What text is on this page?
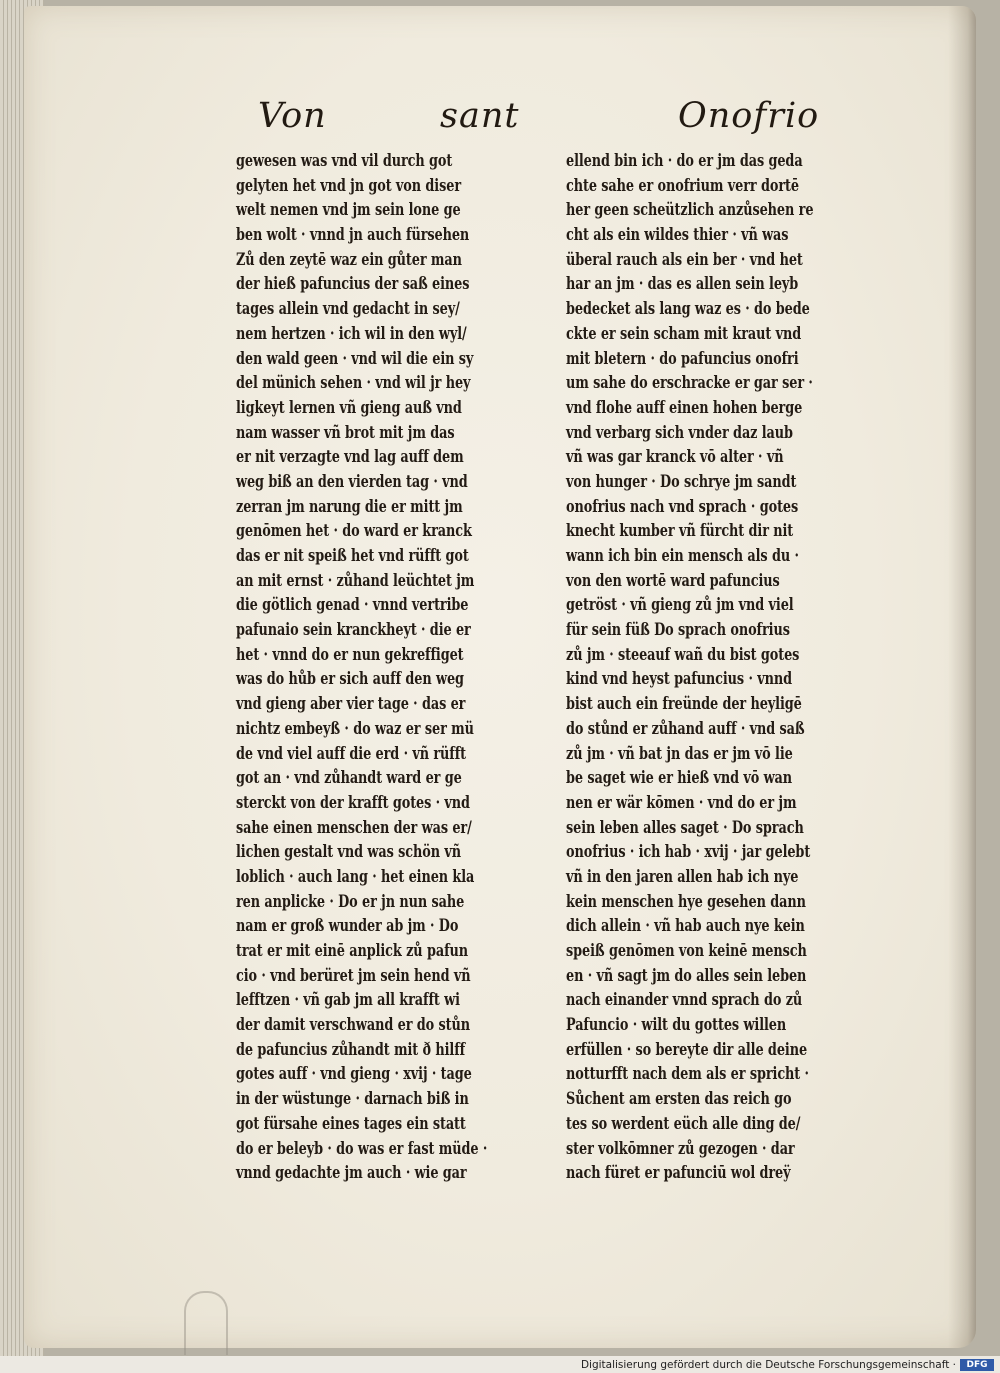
Von	sant	Onofrio
gewesen was vnd vil durch got
gelyten het vnd jn got von diser
welt nemen vnd jm sein lone ge
ben wolt · vnnd jn auch fürsehen
Zů den zeytē waz ein gůter man
der hieß pafuncius der saß eines
tages allein vnd gedacht in sey/
nem hertzen · ich wil in den wyl/
den wald geen · vnd wil die ein sy
del münich sehen · vnd wil jr hey
ligkeyt lernen vñ gieng auß vnd
nam wasser vñ brot mit jm das
er nit verzagte vnd lag auff dem
weg biß an den vierden tag · vnd
zerran jm narung die er mitt jm
genōmen het · do ward er kranck
das er nit speiß het vnd rüfft got
an mit ernst · zůhand leüchtet jm
die götlich genad · vnnd vertribe
pafunaio sein kranckheyt · die er
het · vnnd do er nun gekreffiget
was do hůb er sich auff den weg
vnd gieng aber vier tage · das er
nichtz embeyß · do waz er ser mü
de vnd viel auff die erd · vñ rüfft
got an · vnd zůhandt ward er ge
sterckt von der krafft gotes · vnd
sahe einen menschen der was er/
lichen gestalt vnd was schön vñ
loblich · auch lang · het einen kla
ren anplicke · Do er jn nun sahe
nam er groß wunder ab jm · Do
trat er mit einē anplick zů pafun
cio · vnd berüret jm sein hend vñ
lefftzen · vñ gab jm all krafft wi
der damit verschwand er do stůn
de pafuncius zůhandt mit ð hilff
gotes auff · vnd gieng · xvij · tage
in der wüstunge · darnach biß in
got fürsahe eines tages ein statt
do er beleyb · do was er fast müde ·
vnnd gedachte jm auch · wie gar
ellend bin ich · do er jm das geda
chte sahe er onofrium verr dortē
her geen scheützlich anzůsehen re
cht als ein wildes thier · vñ was
überal rauch als ein ber · vnd het
har an jm · das es allen sein leyb
bedecket als lang waz es · do bede
ckte er sein scham mit kraut vnd
mit bletern · do pafuncius onofri
um sahe do erschracke er gar ser ·
vnd flohe auff einen hohen berge
vnd verbarg sich vnder daz laub
vñ was gar kranck vō alter · vñ
von hunger · Do schrye jm sandt
onofrius nach vnd sprach · gotes
knecht kumber vñ fürcht dir nit
wann ich bin ein mensch als du ·
von den wortē ward pafuncius
getröst · vñ gieng zů jm vnd viel
für sein füß Do sprach onofrius
zů jm · steeauf wañ du bist gotes
kind vnd heyst pafuncius · vnnd
bist auch ein freünde der heyligē
do stůnd er zůhand auff · vnd saß
zů jm · vñ bat jn das er jm vō lie
be saget wie er hieß vnd vō wan
nen er wär kōmen · vnd do er jm
sein leben alles saget · Do sprach
onofrius · ich hab · xvij · jar gelebt
vñ in den jaren allen hab ich nye
kein menschen hye gesehen dann
dich allein · vñ hab auch nye kein
speiß genōmen von keinē mensch
en · vñ sagt jm do alles sein leben
nach einander vnnd sprach do zů
Pafuncio · wilt du gottes willen
erfüllen · so bereyte dir alle deine
notturfft nach dem als er spricht ·
Sůchent am ersten das reich go
tes so werdent eüch alle ding de/
ster volkōmner zů gezogen · dar
nach füret er pafunciū wol dreÿ
Digitalisierung gefördert durch die Deutsche Forschungsgemeinschaft ·	DFG
